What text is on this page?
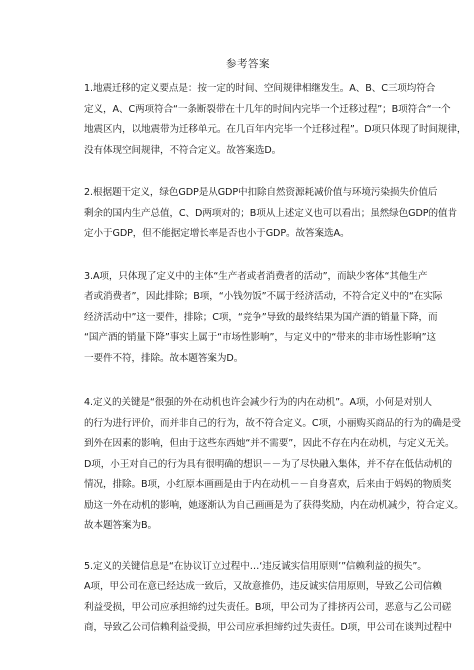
参考答案

1.地震迁移的定义要点是：按一定的时间、空间规律相继发生。A、B、C三项均符合

定义，A、C两项符合“一条断裂带在十几年的时间内完毕一个迁移过程”；B项符合“一个

地震区内，以地震带为迁移单元。在几百年内完毕一个迁移过程”。D项只体现了时间规律，

没有体现空间规律，不符合定义。故答案选D。

2.根据题干定义，绿色GDP是从GDP中扣除自然资源耗减价值与环境污染损失价值后

剩余的国内生产总值，C、D两项对的；B项从上述定义也可以看出；虽然绿色GDP的值肯

定小于GDP，但不能据定增长率是否也小于GDP。故答案选A。

3.A项，只体现了定义中的主体“生产者或者消费者的活动”，而缺少客体“其他生产

者或消费者”，因此排除；B项，“小钱勿饭”不属于经济活动，不符合定义中的“在实际

经济活动中”这一要件，排除；C项，“竞争”导致的最终结果为国产酒的销量下降，而

“国产酒的销量下降”事实上属于“市场性影响”，与定义中的“带来的非市场性影响”这

一要件不符，排除。故本题答案为D。

4.定义的关键是“很强的外在动机也许会减少行为的内在动机”。A项，小何是对别人

的行为进行评价，而并非自己的行为，故不符合定义。C项，小丽购买商品的行为的确是受

到外在因素的影响，但由于这些东西她“并不需要”，因此不存在内在动机，与定义无关。

D项，小王对自己的行为具有很明确的想识－－为了尽快融入集体，并不存在低估动机的

情况，排除。B项，小红原本画画是由于内在动机－－自身喜欢，后来由于妈妈的物质奖

励这一外在动机的影响，她逐渐认为自己画画是为了获得奖励，内在动机减少，符合定义。

故本题答案为B。

5.定义的关键信息是“在协议订立过程中…‘违反诚实信用原则’”信赖利益的损失”。

A项，甲公司在意已经达成一致后，又故意推仍，违反诚实信用原则，导致乙公司信赖

利益受损，甲公司应承担缔约过失责任。B项，甲公司为了排挤丙公司，恶意与乙公司磋

商，导致乙公司信赖利益受损，甲公司应承担缔约过失责任。D项，甲公司在谈判过程中
